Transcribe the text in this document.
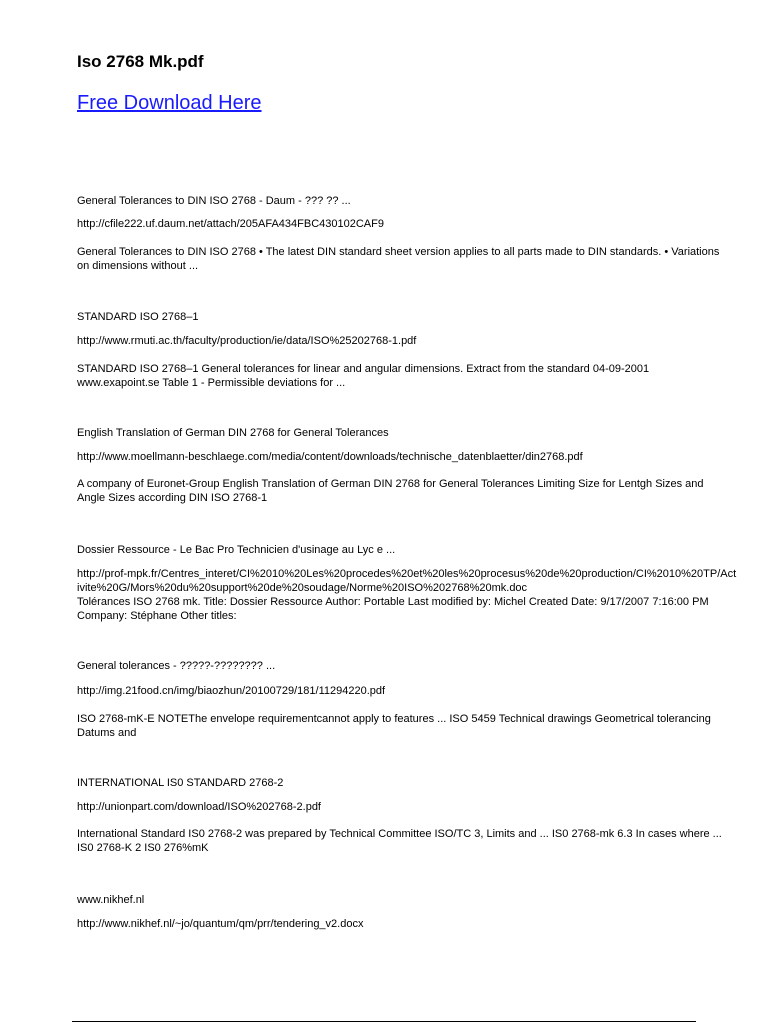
Iso 2768 Mk.pdf
Free Download Here
General Tolerances to DIN ISO 2768 - Daum - ??? ?? ...
http://cfile222.uf.daum.net/attach/205AFA434FBC430102CAF9
General Tolerances to DIN ISO 2768 • The latest DIN standard sheet version applies to all parts made to DIN standards. • Variations on dimensions without ...
STANDARD ISO 2768–1
http://www.rmuti.ac.th/faculty/production/ie/data/ISO%25202768-1.pdf
STANDARD ISO 2768–1 General tolerances for linear and angular dimensions. Extract from the standard 04-09-2001 www.exapoint.se Table 1 - Permissible deviations for ...
English Translation of German DIN 2768 for General Tolerances
http://www.moellmann-beschlaege.com/media/content/downloads/technische_datenblaetter/din2768.pdf
A company of Euronet-Group English Translation of German DIN 2768 for General Tolerances Limiting Size for Lentgh Sizes and Angle Sizes according DIN ISO 2768-1
Dossier Ressource - Le Bac Pro Technicien d'usinage au Lyc e ...
http://prof-mpk.fr/Centres_interet/CI%2010%20Les%20procedes%20et%20les%20procesus%20de%20production/CI%2010%20TP/Activite%20G/Mors%20du%20support%20de%20soudage/Norme%20ISO%202768%20mk.doc
Tolérances ISO 2768 mk. Title: Dossier Ressource Author: Portable Last modified by: Michel Created Date: 9/17/2007 7:16:00 PM Company: Stéphane Other titles:
General tolerances - ?????-???????? ...
http://img.21food.cn/img/biaozhun/20100729/181/11294220.pdf
ISO 2768-mK-E NOTEThe envelope requirementcannot apply to features ... ISO 5459 Technical drawings Geometrical tolerancing Datums and
INTERNATIONAL IS0 STANDARD 2768-2
http://unionpart.com/download/ISO%202768-2.pdf
International Standard IS0 2768-2 was prepared by Technical Committee ISO/TC 3, Limits and ... IS0 2768-mk 6.3 In cases where ... IS0 2768-K 2 IS0 276%mK
www.nikhef.nl
http://www.nikhef.nl/~jo/quantum/qm/prr/tendering_v2.docx
